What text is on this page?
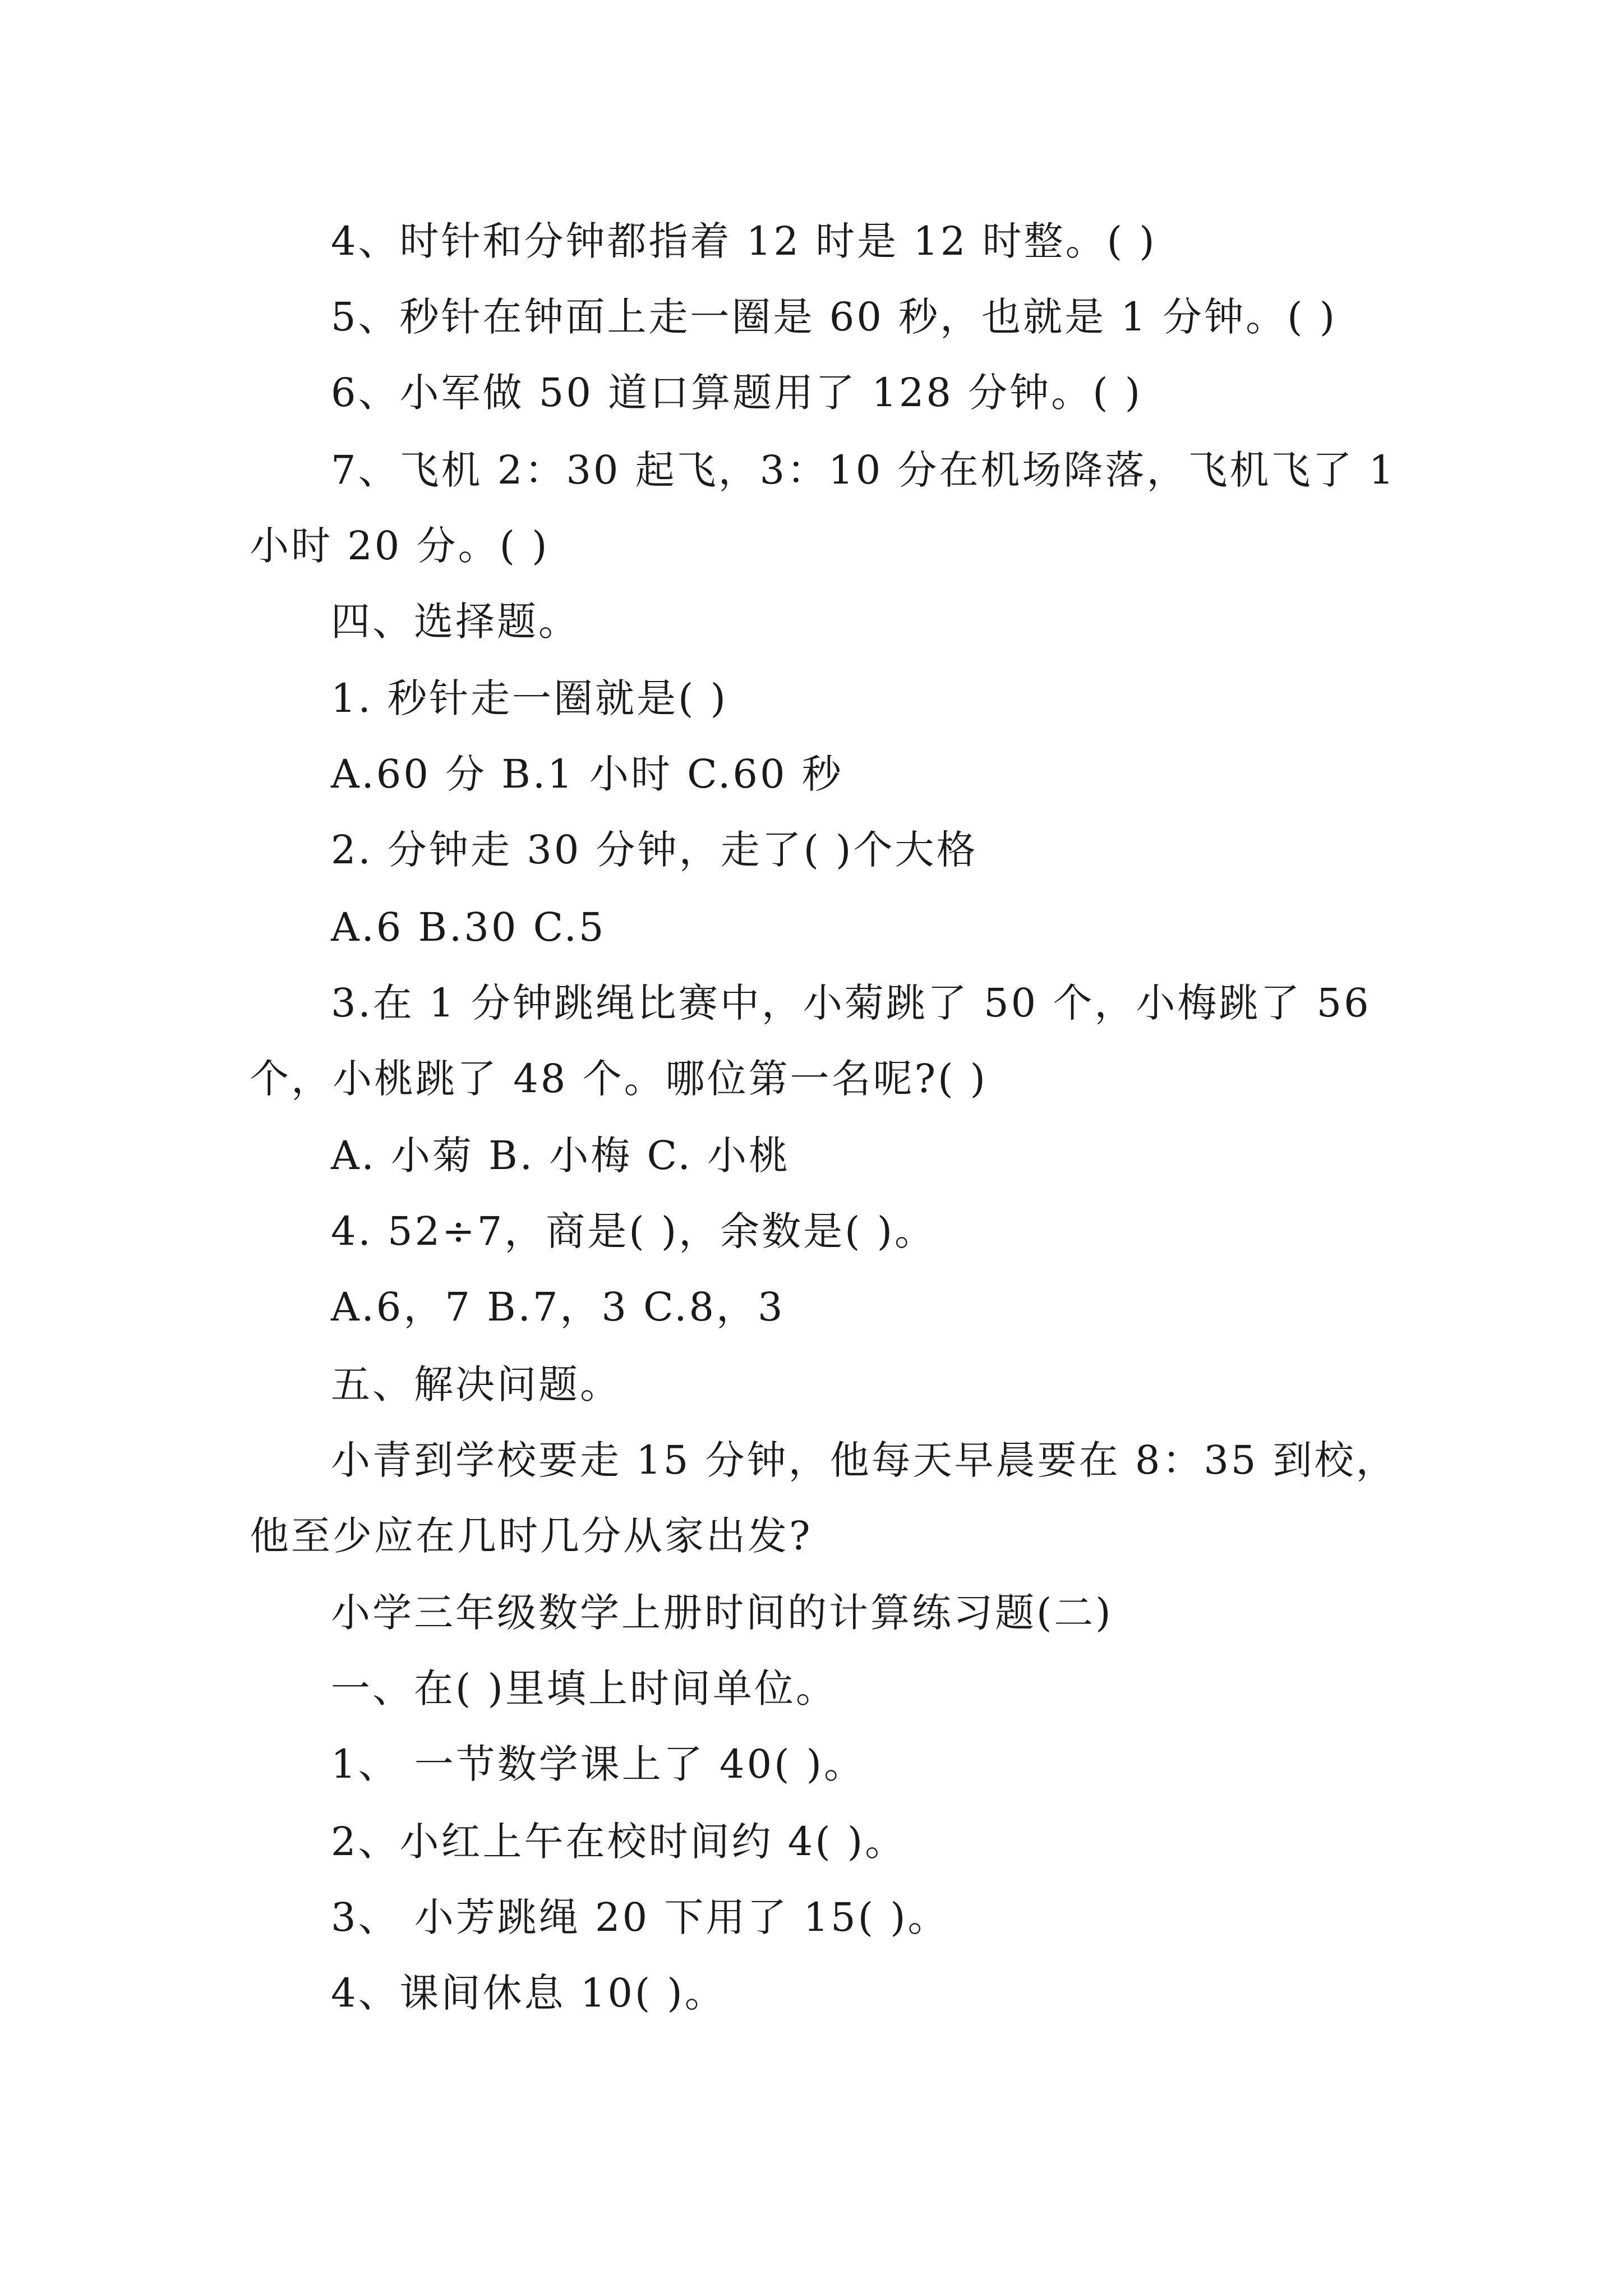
4、时针和分钟都指着 12 时是 12 时整。( )
5、秒针在钟面上走一圈是 60 秒，也就是 1 分钟。( )
6、小军做 50 道口算题用了 128 分钟。( )
7、飞机 2：30 起飞，3：10 分在机场降落，飞机飞了 1
小时 20 分。( )
四、选择题。
1. 秒针走一圈就是( )
A.60 分 B.1 小时 C.60 秒
2. 分钟走 30 分钟，走了( )个大格
A.6 B.30 C.5
3.在 1 分钟跳绳比赛中，小菊跳了 50 个，小梅跳了 56
个，小桃跳了 48 个。哪位第一名呢?( )
A. 小菊 B. 小梅 C. 小桃
4. 52÷7，商是( )，余数是( )。
A.6，7 B.7，3 C.8，3
五、解决问题。
小青到学校要走 15 分钟，他每天早晨要在 8：35 到校，
他至少应在几时几分从家出发?
小学三年级数学上册时间的计算练习题(二)
一、在( )里填上时间单位。
1、 一节数学课上了 40( )。
2、小红上午在校时间约 4( )。
3、 小芳跳绳 20 下用了 15( )。
4、课间休息 10( )。
